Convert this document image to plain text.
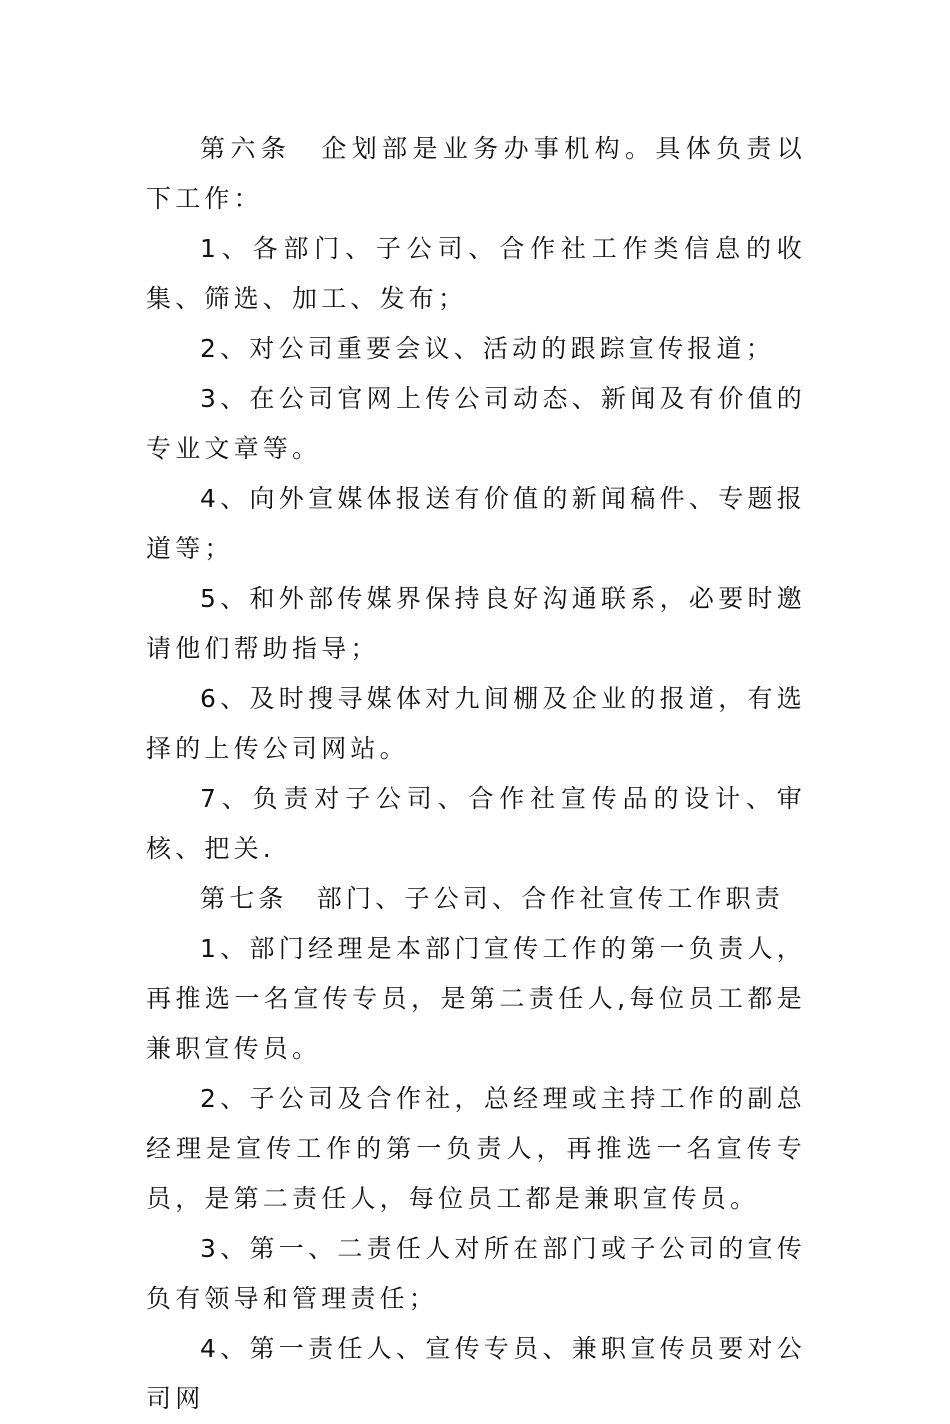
第六条　企划部是业务办事机构。具体负责以下工作：

1、各部门、子公司、合作社工作类信息的收集、筛选、加工、发布；

2、对公司重要会议、活动的跟踪宣传报道；

3、在公司官网上传公司动态、新闻及有价值的专业文章等。

4、向外宣媒体报送有价值的新闻稿件、专题报道等；

5、和外部传媒界保持良好沟通联系，必要时邀请他们帮助指导；

6、及时搜寻媒体对九间棚及企业的报道，有选择的上传公司网站。

7、负责对子公司、合作社宣传品的设计、审核、把关.

第七条　部门、子公司、合作社宣传工作职责

1、部门经理是本部门宣传工作的第一负责人，再推选一名宣传专员，是第二责任人,每位员工都是兼职宣传员。

2、子公司及合作社，总经理或主持工作的副总经理是宣传工作的第一负责人，再推选一名宣传专员，是第二责任人，每位员工都是兼职宣传员。

3、第一、二责任人对所在部门或子公司的宣传负有领导和管理责任；

4、第一责任人、宣传专员、兼职宣传员要对公司网
